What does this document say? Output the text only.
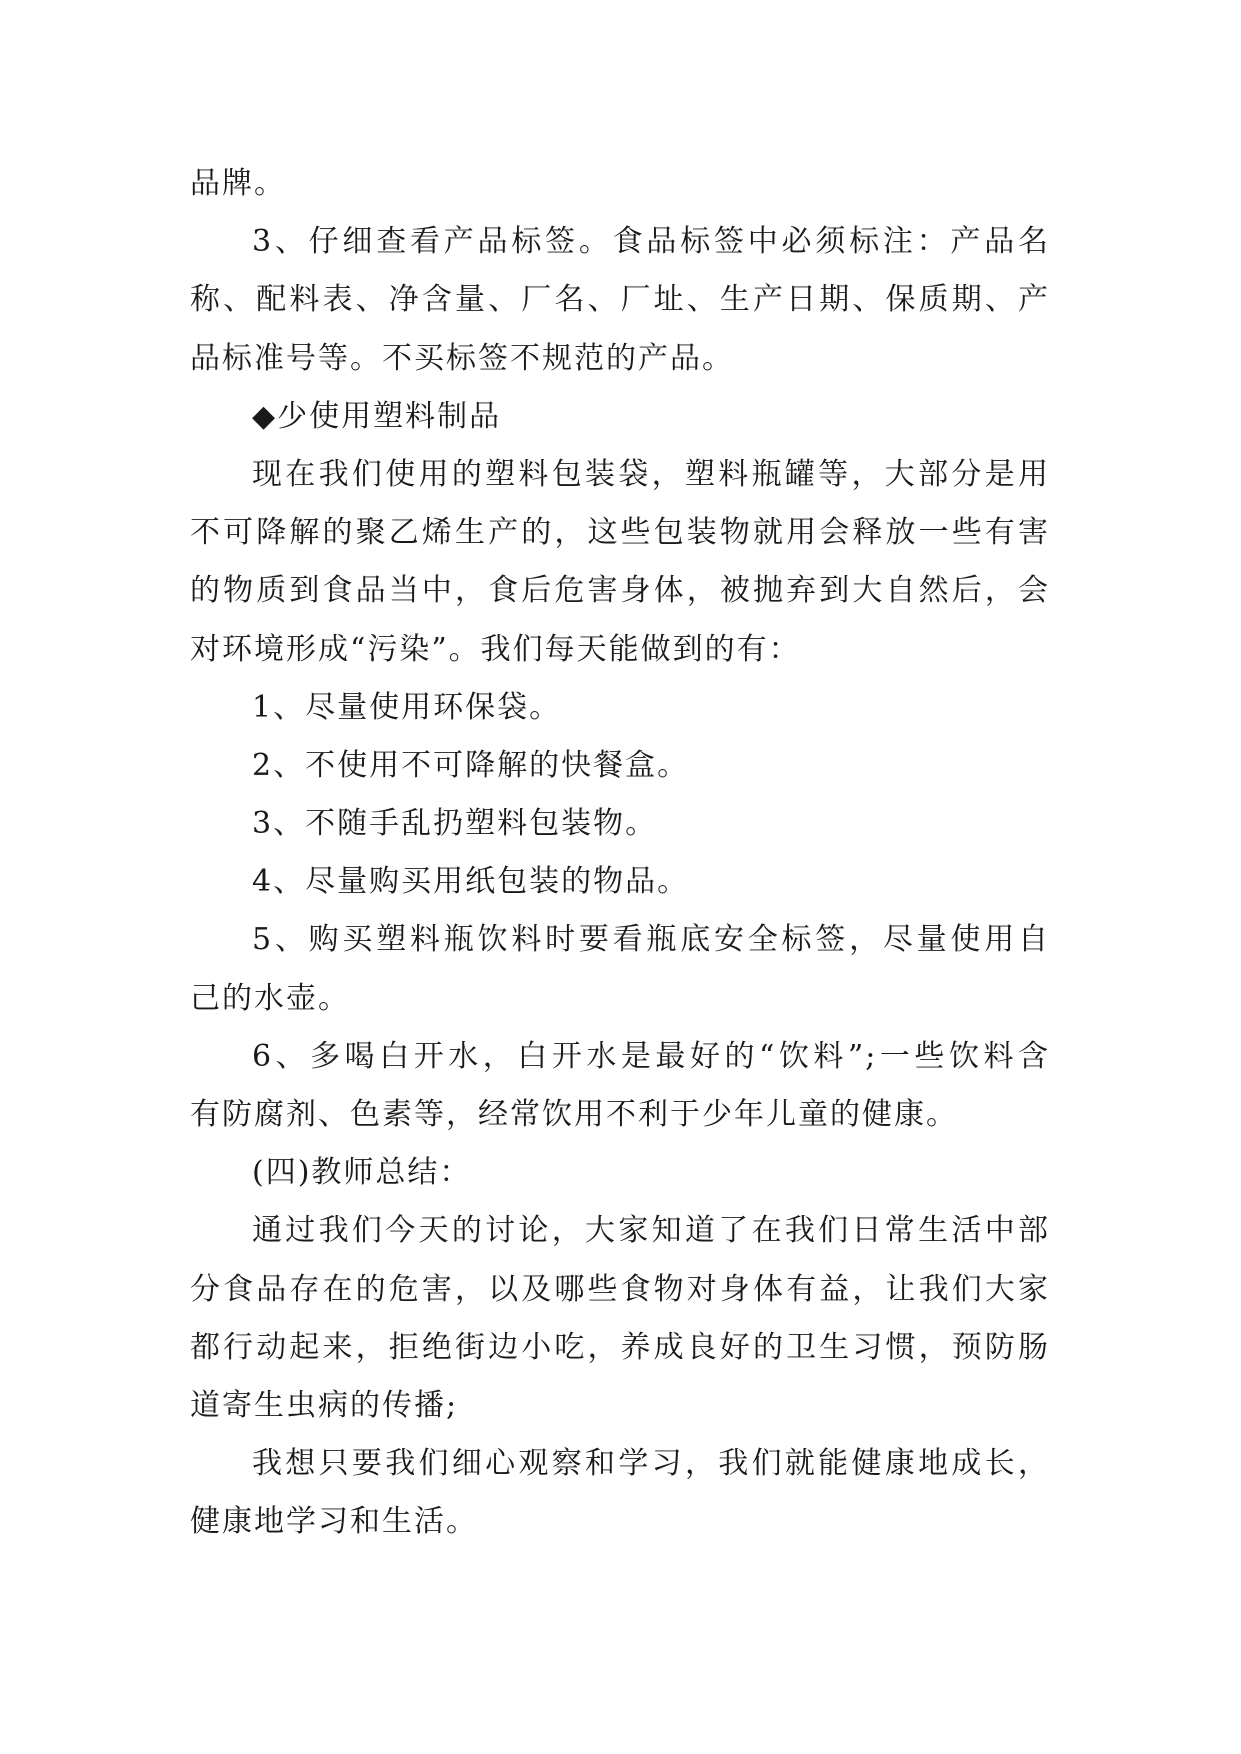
品牌。

3、仔细查看产品标签。食品标签中必须标注：产品名

称、配料表、净含量、厂名、厂址、生产日期、保质期、产

品标准号等。不买标签不规范的产品。

◆少使用塑料制品

现在我们使用的塑料包装袋，塑料瓶罐等，大部分是用

不可降解的聚乙烯生产的，这些包装物就用会释放一些有害

的物质到食品当中，食后危害身体，被抛弃到大自然后，会

对环境形成“污染”。我们每天能做到的有：

1、尽量使用环保袋。

2、不使用不可降解的快餐盒。

3、不随手乱扔塑料包装物。

4、尽量购买用纸包装的物品。

5、购买塑料瓶饮料时要看瓶底安全标签，尽量使用自

己的水壶。

6、多喝白开水，白开水是最好的“饮料”;一些饮料含

有防腐剂、色素等，经常饮用不利于少年儿童的健康。

(四)教师总结：

通过我们今天的讨论，大家知道了在我们日常生活中部

分食品存在的危害，以及哪些食物对身体有益，让我们大家

都行动起来，拒绝街边小吃，养成良好的卫生习惯，预防肠

道寄生虫病的传播;

我想只要我们细心观察和学习，我们就能健康地成长，

健康地学习和生活。
